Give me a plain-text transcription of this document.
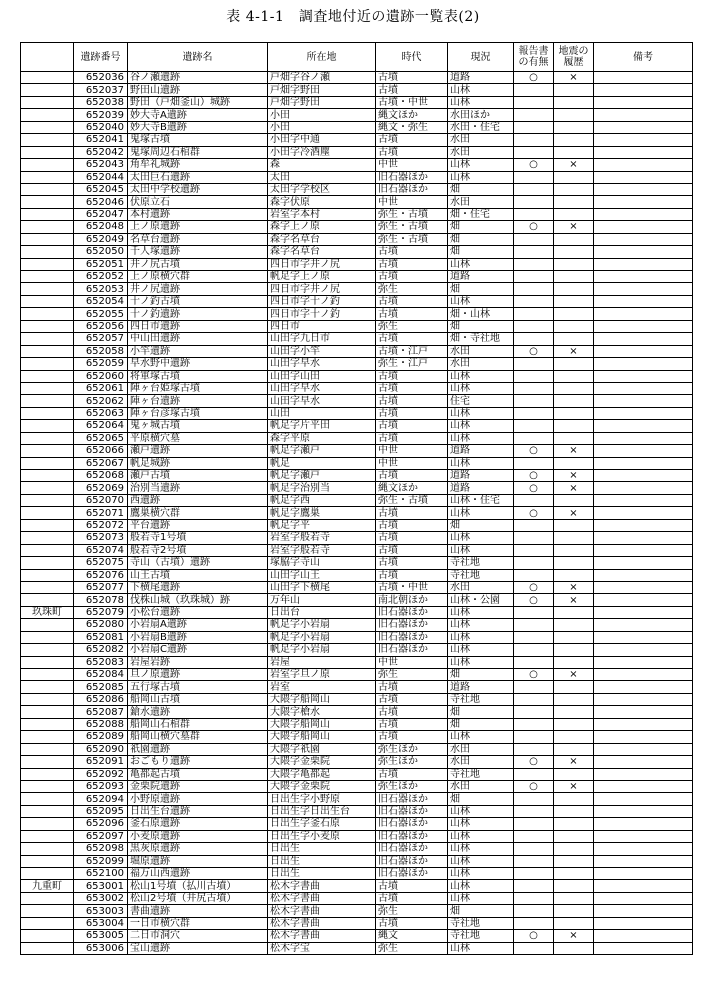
表 4-1-1　調査地付近の遺跡一覧表(2)
	遺跡番号	遺跡名	所在地	時代	現況	報告書の有無	地震の履歴	備考
	652036	谷ノ瀬遺跡	戸畑字谷ノ瀬	古墳	道路	○	×	
	652037	野田山遺跡	戸畑字野田	古墳	山林			
	652038	野田（戸畑釜山）城跡	戸畑字野田	古墳・中世	山林			
	652039	妙大寺A遺跡	小田	縄文ほか	水田ほか			
	652040	妙大寺B遺跡	小田	縄文・弥生	水田・住宅			
	652041	鬼塚古墳	小田字中通	古墳	水田			
	652042	鬼塚周辺石棺群	小田字冷酒塵	古墳	水田			
	652043	角牟礼城跡	森	中世	山林	○	×	
	652044	太田巨石遺跡	太田	旧石器ほか	山林			
	652045	太田中学校遺跡	太田字学校区	旧石器ほか	畑			
	652046	伏原立石	森字伏原	中世	水田			
	652047	本村遺跡	岩室字本村	弥生・古墳	畑・住宅			
	652048	上ノ原遺跡	森字上ノ原	弥生・古墳	畑	○	×	
	652049	名草台遺跡	森字名草台	弥生・古墳	畑			
	652050	千人塚遺跡	森字名草台	古墳	畑			
	652051	井ノ尻古墳	四日市字井ノ尻	古墳	山林			
	652052	上ノ原横穴群	帆足字上ノ原	古墳	道路			
	652053	井ノ尻遺跡	四日市字井ノ尻	弥生	畑			
	652054	十ノ釣古墳	四日市字十ノ釣	古墳	山林			
	652055	十ノ釣遺跡	四日市字十ノ釣	古墳	畑・山林			
	652056	四日市遺跡	四日市	弥生	畑			
	652057	中山田遺跡	山田字九日市	古墳	畑・寺社地			
	652058	小竿遺跡	山田字小竿	古墳・江戸	水田	○	×	
	652059	早水野中遺跡	山田字早水	弥生・江戸	水田			
	652060	将軍塚古墳	山田字山田	古墳	山林			
	652061	陣ヶ台姫塚古墳	山田字早水	古墳	山林			
	652062	陣ヶ台遺跡	山田字早水	古墳	住宅			
	652063	陣ヶ台彦塚古墳	山田	古墳	山林			
	652064	鬼ヶ城古墳	帆足字片平田	古墳	山林			
	652065	平原横穴墓	森字平原	古墳	山林			
	652066	瀬戸遺跡	帆足字瀬戸	中世	道路	○	×	
	652067	帆足城跡	帆足	中世	山林			
	652068	瀬戸古墳	帆足字瀬戸	古墳	道路	○	×	
	652069	治別当遺跡	帆足字治別当	縄文ほか	道路	○	×	
	652070	西遺跡	帆足字西	弥生・古墳	山林・住宅			
	652071	鷹巣横穴群	帆足字鷹巣	古墳	山林	○	×	
	652072	平台遺跡	帆足字平	古墳	畑			
	652073	般若寺1号墳	岩室字般若寺	古墳	山林			
	652074	般若寺2号墳	岩室字般若寺	古墳	山林			
	652075	寺山（古墳）遺跡	塚脇字寺山	古墳	寺社地			
	652076	山王古墳	山田字山王	古墳	寺社地			
	652077	下横尾遺跡	山田字下横尾	古墳・中世	水田	○	×	
	652078	伐株山城（玖珠城）跡	万年山	南北朝ほか	山林・公園	○	×	
玖珠町	652079	小松台遺跡	日出台	旧石器ほか	山林			
	652080	小岩扇A遺跡	帆足字小岩扇	旧石器ほか	山林			
	652081	小岩扇B遺跡	帆足字小岩扇	旧石器ほか	山林			
	652082	小岩扇C遺跡	帆足字小岩扇	旧石器ほか	山林			
	652083	岩屋岩跡	岩屋	中世	山林			
	652084	旦ノ原遺跡	岩室字旦ノ原	弥生	畑	○	×	
	652085	五行塚古墳	岩室	古墳	道路			
	652086	船岡山古墳	大隈字船岡山	古墳	寺社地			
	652087	鎗水遺跡	大隈字槍水	古墳	畑			
	652088	船岡山石棺群	大隈字船岡山	古墳	畑			
	652089	船岡山横穴墓群	大隈字船岡山	古墳	山林			
	652090	祇園遺跡	大隈字祇園	弥生ほか	水田			
	652091	おごもり遺跡	大隈字金栗院	弥生ほか	水田	○	×	
	652092	亀都起古墳	大隈字亀都起	古墳	寺社地			
	652093	金栗院遺跡	大隈字金栗院	弥生ほか	水田	○	×	
	652094	小野原遺跡	日出生字小野原	旧石器ほか	畑			
	652095	日出生台遺跡	日出生字日出生台	旧石器ほか	山林			
	652096	釜石原遺跡	日出生字釜石原	旧石器ほか	山林			
	652097	小麦原遺跡	日出生字小麦原	旧石器ほか	山林			
	652098	黒灰原遺跡	日出生	旧石器ほか	山林			
	652099	堀原遺跡	日出生	旧石器ほか	山林			
	652100	福万山西遺跡	日出生	旧石器ほか	山林			
九重町	653001	松山1号墳（払川古墳）	松木字書曲	古墳	山林			
	653002	松山2号墳（井尻古墳）	松木字書曲	古墳	山林			
	653003	書曲遺跡	松木字書曲	弥生	畑			
	653004	一日市横穴群	松木字書曲	古墳	寺社地			
	653005	二日市洞穴	松木字書曲	縄文	寺社地	○	×	
	653006	宝山遺跡	松木字宝	弥生	山林			
